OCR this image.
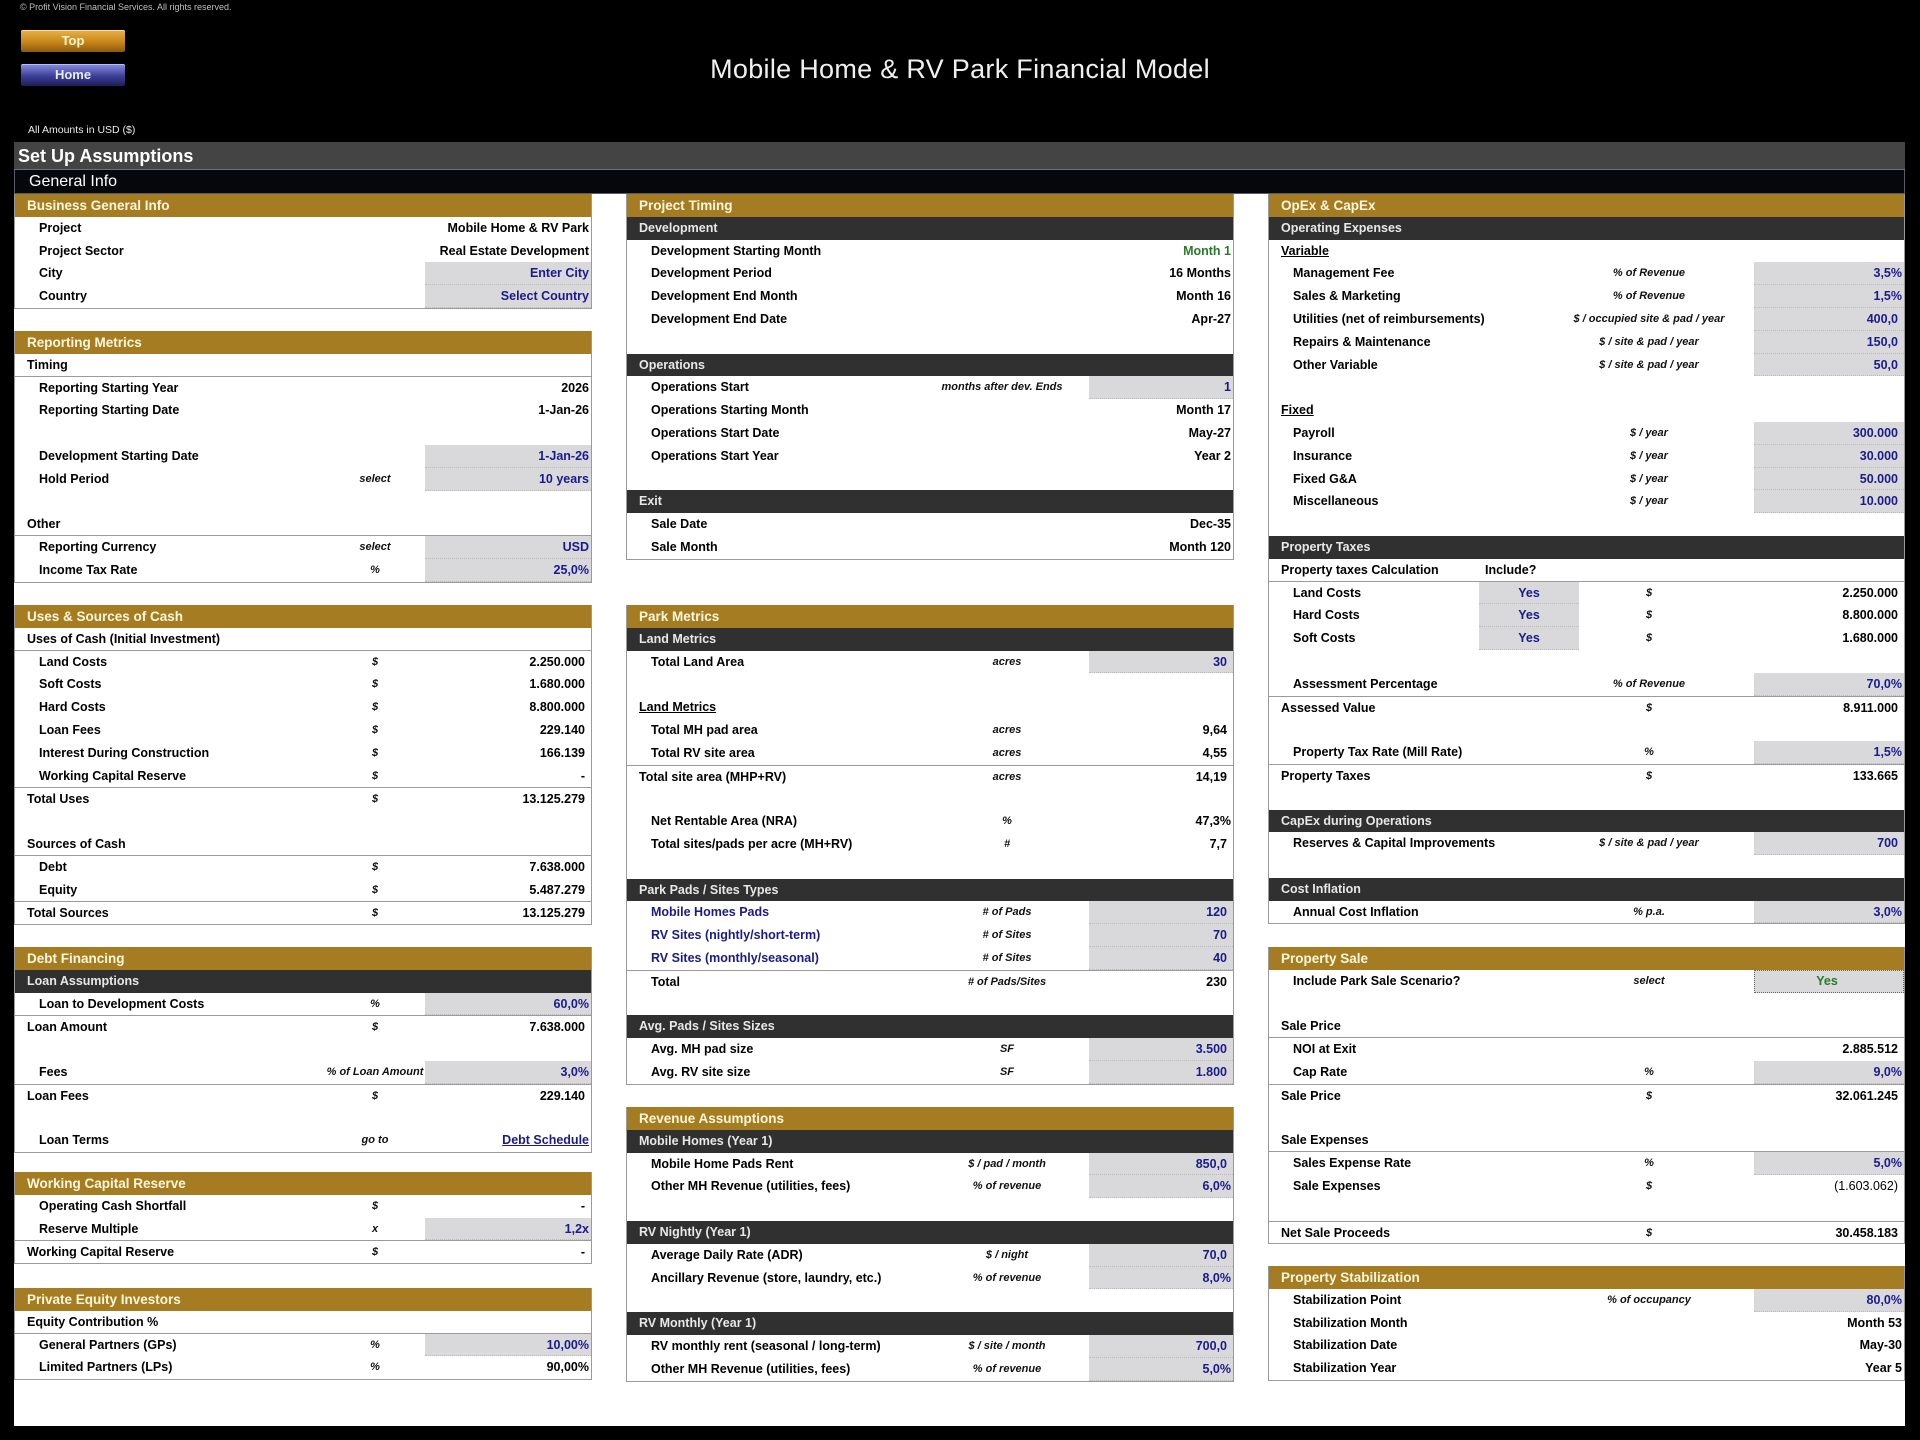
© Profit Vision Financial Services. All rights reserved.
Top
Home	Mobile Home & RV Park Financial Model
All Amounts in USD ($)
Set Up Assumptions
General Info
Business General Info
Project	Mobile Home & RV Park
Project Sector	Real Estate Development
City	Enter City
Country	Select Country
Reporting Metrics
Timing
Reporting Starting Year	2026
Reporting Starting Date	1-Jan-26
Development Starting Date	1-Jan-26
Hold Period	select	10 years
Other
Reporting Currency	select	USD
Income Tax Rate	%	25,0%
Uses & Sources of Cash
Uses of Cash (Initial Investment)
Land Costs	$	2.250.000
Soft Costs	$	1.680.000
Hard Costs	$	8.800.000
Loan Fees	$	229.140
Interest During Construction	$	166.139
Working Capital Reserve	$	-
Total Uses	$	13.125.279
Sources of Cash
Debt	$	7.638.000
Equity	$	5.487.279
Total Sources	$	13.125.279
Debt Financing
Loan Assumptions
Loan to Development Costs	%	60,0%
Loan Amount	$	7.638.000
Fees	% of Loan Amount	3,0%
Loan Fees	$	229.140
Loan Terms	go to	Debt Schedule
Working Capital Reserve
Operating Cash Shortfall	$	-
Reserve Multiple	x	1,2x
Working Capital Reserve	$	-
Private Equity Investors
Equity Contribution %
General Partners (GPs)	%	10,00%
Limited Partners (LPs)	%	90,00%
Project Timing
Development
Development Starting Month	Month 1
Development Period	16 Months
Development End Month	Month 16
Development End Date	Apr-27
Operations
Operations Start	months after dev. Ends	1
Operations Starting Month	Month 17
Operations Start Date	May-27
Operations Start Year	Year 2
Exit
Sale Date	Dec-35
Sale Month	Month 120
Park Metrics
Land Metrics
Total Land Area	acres	30
Land Metrics
Total MH pad area	acres	9,64
Total RV site area	acres	4,55
Total site area (MHP+RV)	acres	14,19
Net Rentable Area (NRA)	%	47,3%
Total sites/pads per acre (MH+RV)	#	7,7
Park Pads / Sites Types
Mobile Homes Pads	# of Pads	120
RV Sites (nightly/short-term)	# of Sites	70
RV Sites (monthly/seasonal)	# of Sites	40
Total	# of Pads/Sites	230
Avg. Pads / Sites Sizes
Avg. MH pad size	SF	3.500
Avg. RV site size	SF	1.800
Revenue Assumptions
Mobile Homes (Year 1)
Mobile Home Pads Rent	$ / pad / month	850,0
Other MH Revenue (utilities, fees)	% of revenue	6,0%
RV Nightly (Year 1)
Average Daily Rate (ADR)	$ / night	70,0
Ancillary Revenue (store, laundry, etc.)	% of revenue	8,0%
RV Monthly (Year 1)
RV monthly rent (seasonal / long-term)	$ / site / month	700,0
Other MH Revenue (utilities, fees)	% of revenue	5,0%
OpEx & CapEx
Operating Expenses
Variable
Management Fee	% of Revenue	3,5%
Sales & Marketing	% of Revenue	1,5%
Utilities (net of reimbursements)	$ / occupied site & pad / year	400,0
Repairs & Maintenance	$ / site & pad / year	150,0
Other Variable	$ / site & pad / year	50,0
Fixed
Payroll	$ / year	300.000
Insurance	$ / year	30.000
Fixed G&A	$ / year	50.000
Miscellaneous	$ / year	10.000
Property Taxes
Property taxes Calculation	Include?
Land Costs	Yes	$	2.250.000
Hard Costs	Yes	$	8.800.000
Soft Costs	Yes	$	1.680.000
Assessment Percentage	% of Revenue	70,0%
Assessed Value	$	8.911.000
Property Tax Rate (Mill Rate)	%	1,5%
Property Taxes	$	133.665
CapEx during Operations
Reserves & Capital Improvements	$ / site & pad / year	700
Cost Inflation
Annual Cost Inflation	% p.a.	3,0%
Property Sale
Include Park Sale Scenario?	select	Yes
Sale Price
NOI at Exit	2.885.512
Cap Rate	%	9,0%
Sale Price	$	32.061.245
Sale Expenses
Sales Expense Rate	%	5,0%
Sale Expenses	$	(1.603.062)
Net Sale Proceeds	$	30.458.183
Property Stabilization
Stabilization Point	% of occupancy	80,0%
Stabilization Month	Month 53
Stabilization Date	May-30
Stabilization Year	Year 5
